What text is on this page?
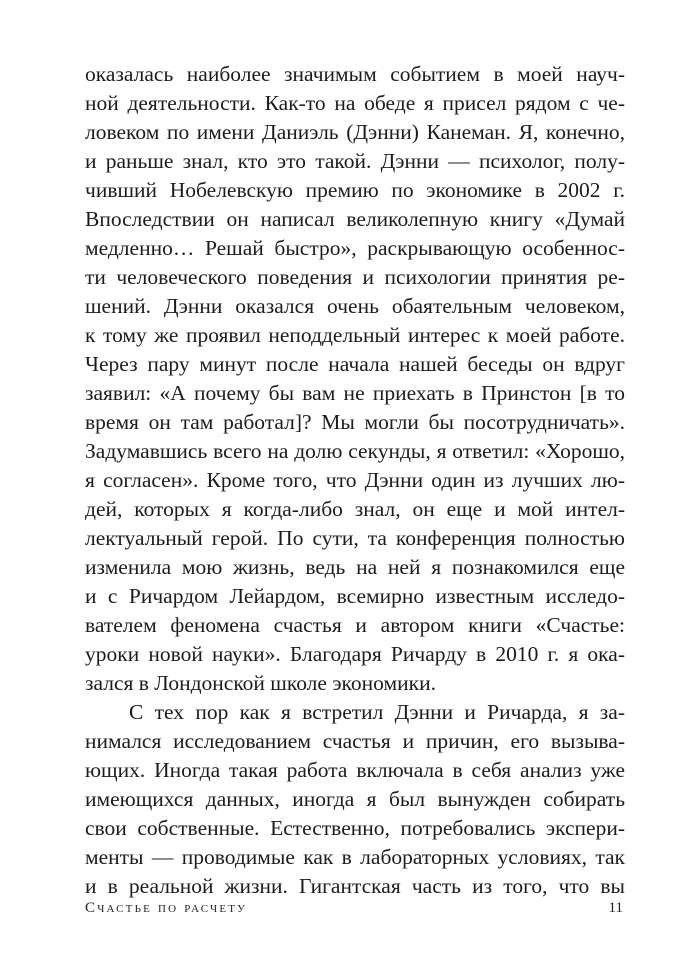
оказалась наиболее значимым событием в моей науч-
ной деятельности. Как-то на обеде я присел рядом с че-
ловеком по имени Даниэль (Дэнни) Канеман. Я, конечно,
и раньше знал, кто это такой. Дэнни — психолог, полу-
чивший Нобелевскую премию по экономике в 2002 г.
Впоследствии он написал великолепную книгу «Думай
медленно… Решай быстро», раскрывающую особеннос-
ти человеческого поведения и психологии принятия ре-
шений. Дэнни оказался очень обаятельным человеком,
к тому же проявил неподдельный интерес к моей работе.
Через пару минут после начала нашей беседы он вдруг
заявил: «А почему бы вам не приехать в Принстон [в то
время он там работал]? Мы могли бы посотрудничать».
Задумавшись всего на долю секунды, я ответил: «Хорошо,
я согласен». Кроме того, что Дэнни один из лучших лю-
дей, которых я когда-либо знал, он еще и мой интел-
лектуальный герой. По сути, та конференция полностью
изменила мою жизнь, ведь на ней я познакомился еще
и с Ричардом Лейардом, всемирно известным исследо-
вателем феномена счастья и автором книги «Счастье:
уроки новой науки». Благодаря Ричарду в 2010 г. я ока-
зался в Лондонской школе экономики.
С тех пор как я встретил Дэнни и Ричарда, я за-
нимался исследованием счастья и причин, его вызыва-
ющих. Иногда такая работа включала в себя анализ уже
имеющихся данных, иногда я был вынужден собирать
свои собственные. Естественно, потребовались экспери-
менты — проводимые как в лабораторных условиях, так
и в реальной жизни. Гигантская часть из того, что вы
Счастье по расчету	11
